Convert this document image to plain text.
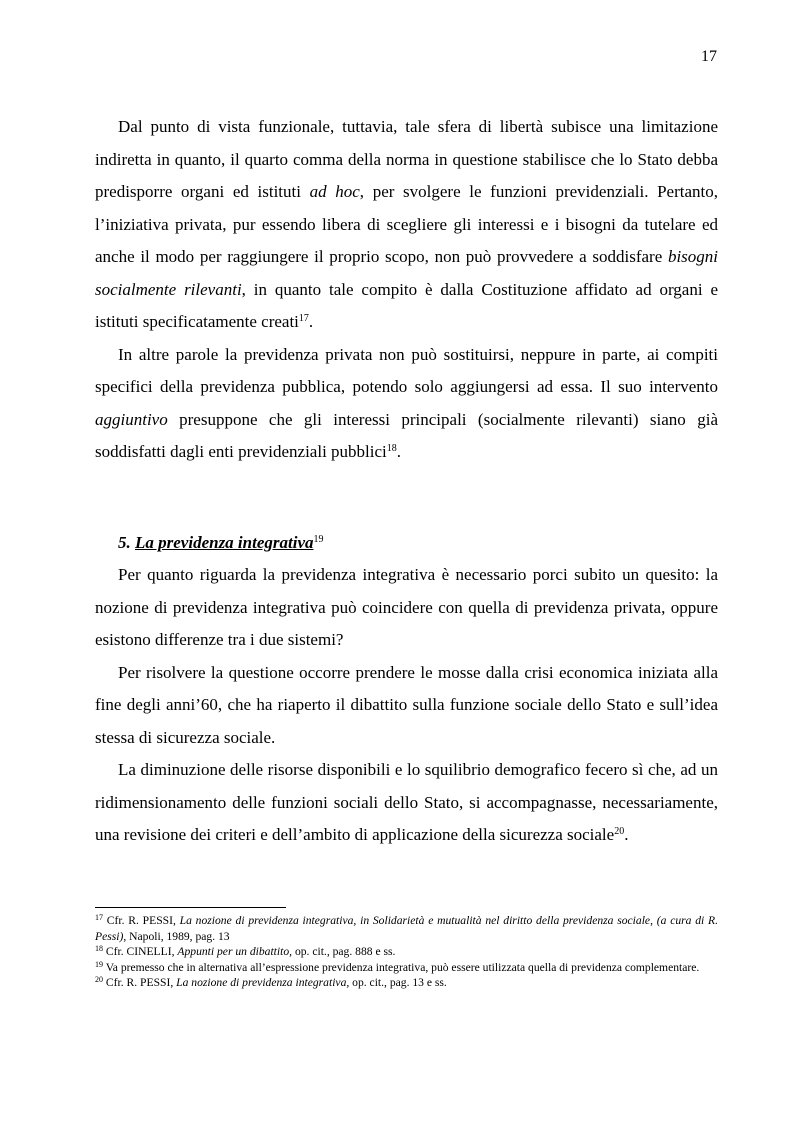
17

Dal punto di vista funzionale, tuttavia, tale sfera di libertà subisce una limitazione indiretta in quanto, il quarto comma della norma in questione stabilisce che lo Stato debba predisporre organi ed istituti ad hoc, per svolgere le funzioni previdenziali. Pertanto, l’iniziativa privata, pur essendo libera di scegliere gli interessi e i bisogni da tutelare ed anche il modo per raggiungere il proprio scopo, non può provvedere a soddisfare bisogni socialmente rilevanti, in quanto tale compito è dalla Costituzione affidato ad organi e istituti specificatamente creati$^{17}$.

In altre parole la previdenza privata non può sostituirsi, neppure in parte, ai compiti specifici della previdenza pubblica, potendo solo aggiungersi ad essa. Il suo intervento aggiuntivo presuppone che gli interessi principali (socialmente rilevanti) siano già soddisfatti dagli enti previdenziali pubblici$^{18}$.

5. La previdenza integrativa$^{19}$

Per quanto riguarda la previdenza integrativa è necessario porci subito un quesito: la nozione di previdenza integrativa può coincidere con quella di previdenza privata, oppure esistono differenze tra i due sistemi?

Per risolvere la questione occorre prendere le mosse dalla crisi economica iniziata alla fine degli anni’60, che ha riaperto il dibattito sulla funzione sociale dello Stato e sull’idea stessa di sicurezza sociale.

La diminuzione delle risorse disponibili e lo squilibrio demografico fecero sì che, ad un ridimensionamento delle funzioni sociali dello Stato, si accompagnasse, necessariamente, una revisione dei criteri e dell’ambito di applicazione della sicurezza sociale$^{20}$.

$^{17}$ Cfr. R. PESSI, La nozione di previdenza integrativa, in Solidarietà e mutualità nel diritto della previdenza sociale, (a cura di R. Pessi), Napoli, 1989, pag. 13

$^{18}$ Cfr. CINELLI, Appunti per un dibattito, op. cit., pag. 888 e ss.

$^{19}$ Va premesso che in alternativa all’espressione previdenza integrativa, può essere utilizzata quella di previdenza complementare.

$^{20}$ Cfr. R. PESSI, La nozione di previdenza integrativa, op. cit., pag. 13 e ss.
